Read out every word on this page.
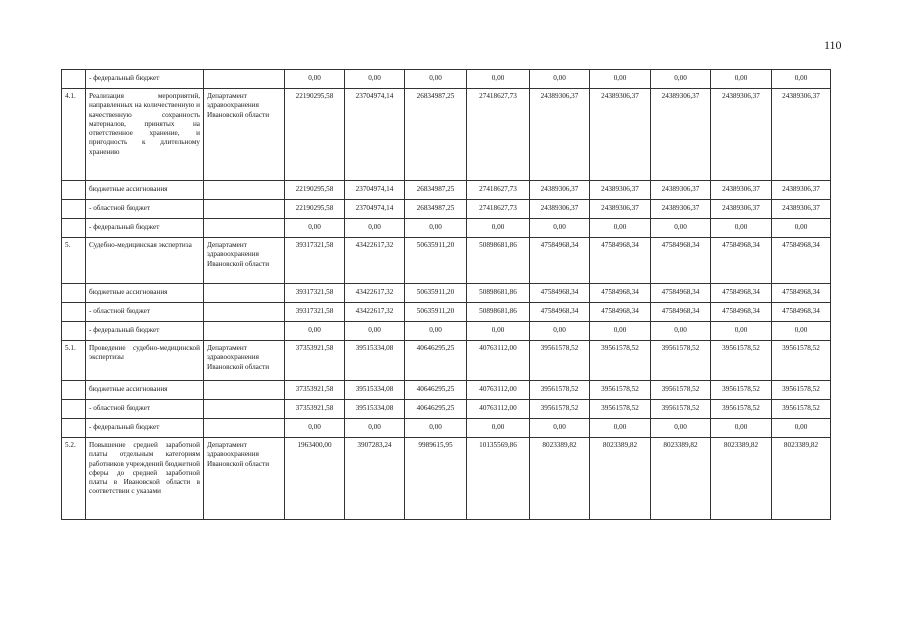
110
	- федеральный бюджет		0,00	0,00	0,00	0,00	0,00	0,00	0,00	0,00	0,00
4.1.	Реализация мероприятий, направленных на количественную и качественную сохранность материалов, принятых на ответственное хранение, и пригодность к длительному хранению	Департамент здравоохранения Ивановской области	22190295,58	23704974,14	26834987,25	27418627,73	24389306,37	24389306,37	24389306,37	24389306,37	24389306,37
	бюджетные ассигнования		22190295,58	23704974,14	26834987,25	27418627,73	24389306,37	24389306,37	24389306,37	24389306,37	24389306,37
	- областной бюджет		22190295,58	23704974,14	26834987,25	27418627,73	24389306,37	24389306,37	24389306,37	24389306,37	24389306,37
	- федеральный бюджет		0,00	0,00	0,00	0,00	0,00	0,00	0,00	0,00	0,00
5.	Судебно-медицинская экспертиза	Департамент здравоохранения Ивановской области	39317321,58	43422617,32	50635911,20	50898681,86	47584968,34	47584968,34	47584968,34	47584968,34	47584968,34
	бюджетные ассигнования		39317321,58	43422617,32	50635911,20	50898681,86	47584968,34	47584968,34	47584968,34	47584968,34	47584968,34
	- областной бюджет		39317321,58	43422617,32	50635911,20	50898681,86	47584968,34	47584968,34	47584968,34	47584968,34	47584968,34
	- федеральный бюджет		0,00	0,00	0,00	0,00	0,00	0,00	0,00	0,00	0,00
5.1.	Проведение судебно-медицинской экспертизы	Департамент здравоохранения Ивановской области	37353921,58	39515334,08	40646295,25	40763112,00	39561578,52	39561578,52	39561578,52	39561578,52	39561578,52
	бюджетные ассигнования		37353921,58	39515334,08	40646295,25	40763112,00	39561578,52	39561578,52	39561578,52	39561578,52	39561578,52
	- областной бюджет		37353921,58	39515334,08	40646295,25	40763112,00	39561578,52	39561578,52	39561578,52	39561578,52	39561578,52
	- федеральный бюджет		0,00	0,00	0,00	0,00	0,00	0,00	0,00	0,00	0,00
5.2.	Повышение средней заработной платы отдельным категориям работников учреждений бюджетной сферы до средней заработной платы в Ивановской области в соответствии с указами	Департамент здравоохранения Ивановской области	1963400,00	3907283,24	9989615,95	10135569,86	8023389,82	8023389,82	8023389,82	8023389,82	8023389,82
